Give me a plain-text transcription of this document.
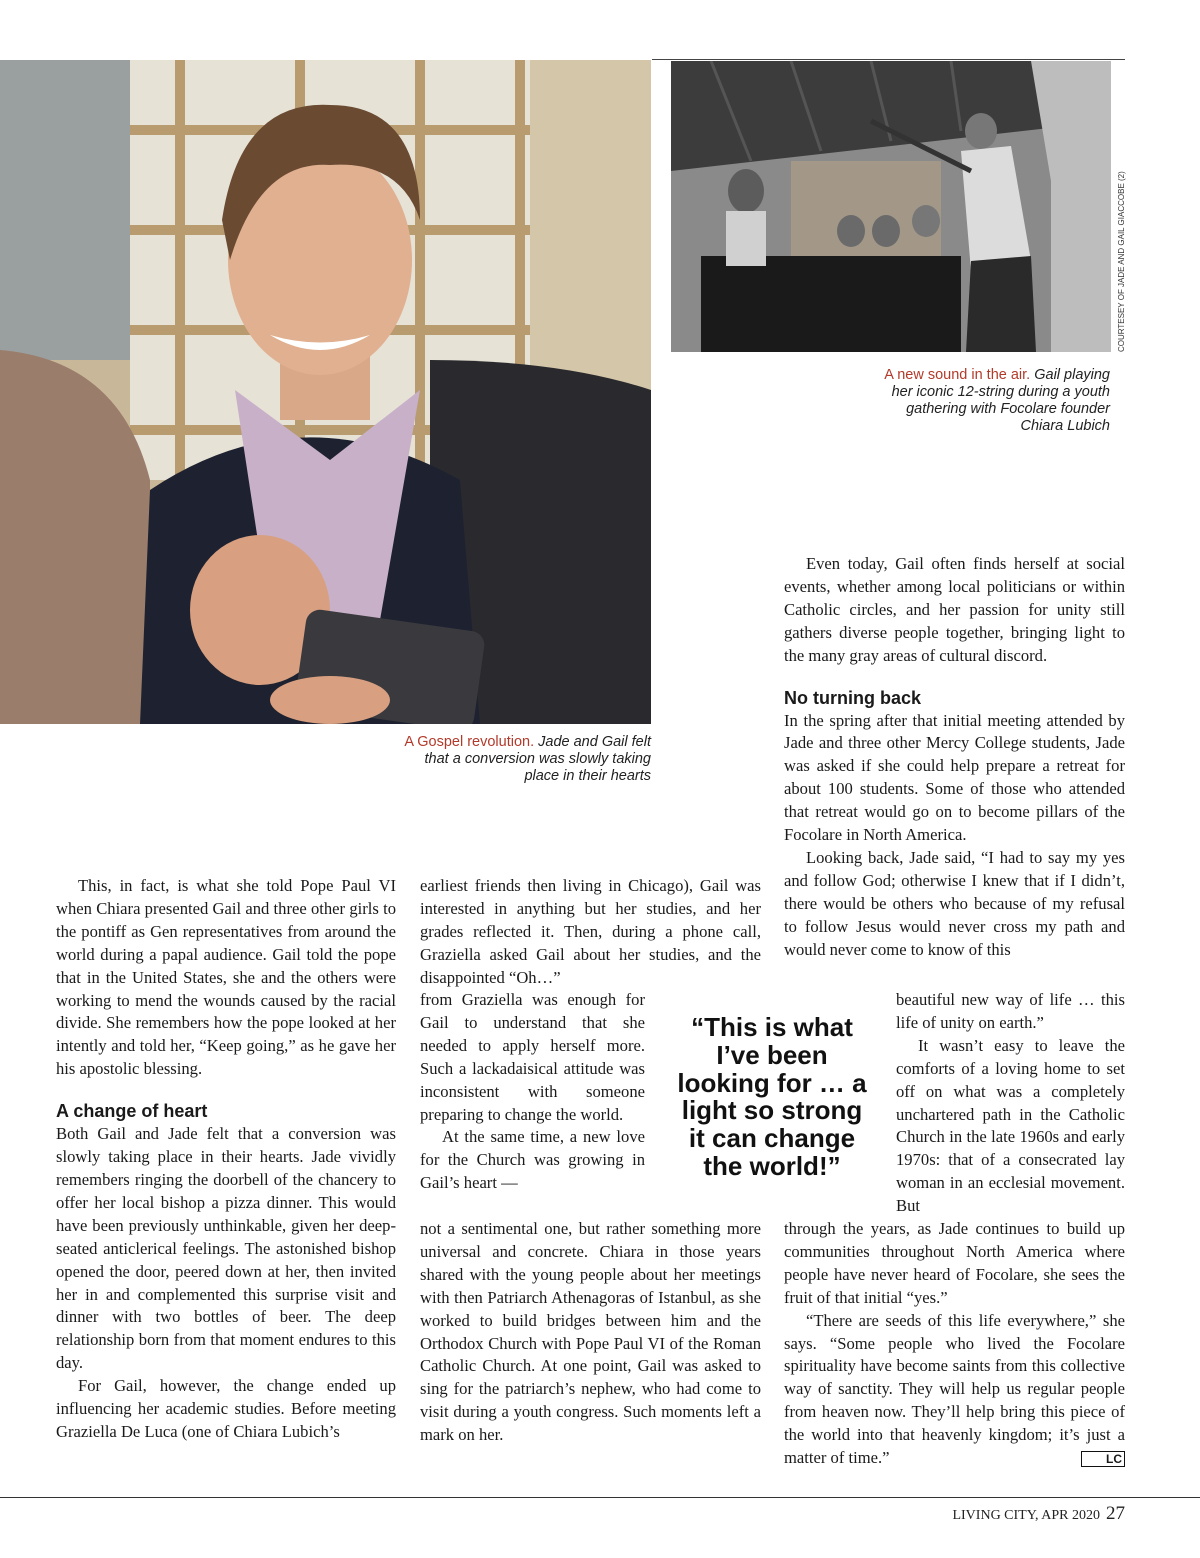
A Gospel revolution. Jade and Gail felt that a conversion was slowly taking place in their hearts
COURTESEY OF JADE AND GAIL GIACCOBE (2)
A new sound in the air. Gail playing her iconic 12-string during a youth gathering with Focolare founder Chiara Lubich

Even today, Gail often finds herself at social events, whether among local politicians or within Catholic circles, and her passion for unity still gathers diverse people together, bringing light to the many gray areas of cultural discord.

No turning back

In the spring after that initial meeting attended by Jade and three other Mercy College students, Jade was asked if she could help prepare a retreat for about 100 students. Some of those who attended that retreat would go on to become pillars of the Focolare in North America.

Looking back, Jade said, “I had to say my yes and follow God; otherwise I knew that if I didn’t, there would be others who because of my refusal to follow Jesus would never cross my path and would never come to know of this

beautiful new way of life … this life of unity on earth.”

It wasn’t easy to leave the comforts of a loving home to set off on what was a completely unchartered path in the Catholic Church in the late 1960s and early 1970s: that of a consecrated lay woman in an ecclesial movement. But

through the years, as Jade continues to build up communities throughout North America where people have never heard of Focolare, she sees the fruit of that initial “yes.”

“There are seeds of this life everywhere,” she says. “Some people who lived the Focolare spirituality have become saints from this collective way of sanctity. They will help us regular people from heaven now. They’ll help bring this piece of the world into that heavenly kingdom; it’s just a matter of time.”	LC

This, in fact, is what she told Pope Paul VI when Chiara presented Gail and three other girls to the pontiff as Gen representatives from around the world during a papal audience. Gail told the pope that in the United States, she and the others were working to mend the wounds caused by the racial divide. She remembers how the pope looked at her intently and told her, “Keep going,” as he gave her his apostolic blessing.

A change of heart

Both Gail and Jade felt that a conversion was slowly taking place in their hearts. Jade vividly remembers ringing the doorbell of the chancery to offer her local bishop a pizza dinner. This would have been previously unthinkable, given her deep-seated anticlerical feelings. The astonished bishop opened the door, peered down at her, then invited her in and complemented this surprise visit and dinner with two bottles of beer. The deep relationship born from that moment endures to this day.

For Gail, however, the change ended up influencing her academic studies. Before meeting Graziella De Luca (one of Chiara Lubich’s

earliest friends then living in Chicago), Gail was interested in anything but her studies, and her grades reflected it. Then, during a phone call, Graziella asked Gail about her studies, and the disappointed “Oh…”

from Graziella was enough for Gail to understand that she needed to apply herself more. Such a lackadaisical attitude was inconsistent with someone preparing to change the world.

At the same time, a new love for the Church was growing in Gail’s heart —

not a sentimental one, but rather something more universal and concrete. Chiara in those years shared with the young people about her meetings with then Patriarch Athenagoras of Istanbul, as she worked to build bridges between him and the Orthodox Church with Pope Paul VI of the Roman Catholic Church. At one point, Gail was asked to sing for the patriarch’s nephew, who had come to visit during a youth congress. Such moments left a mark on her.

“This is what I’ve been looking for … a light so strong it can change the world!”
LIVING CITY, APR 2020 27
